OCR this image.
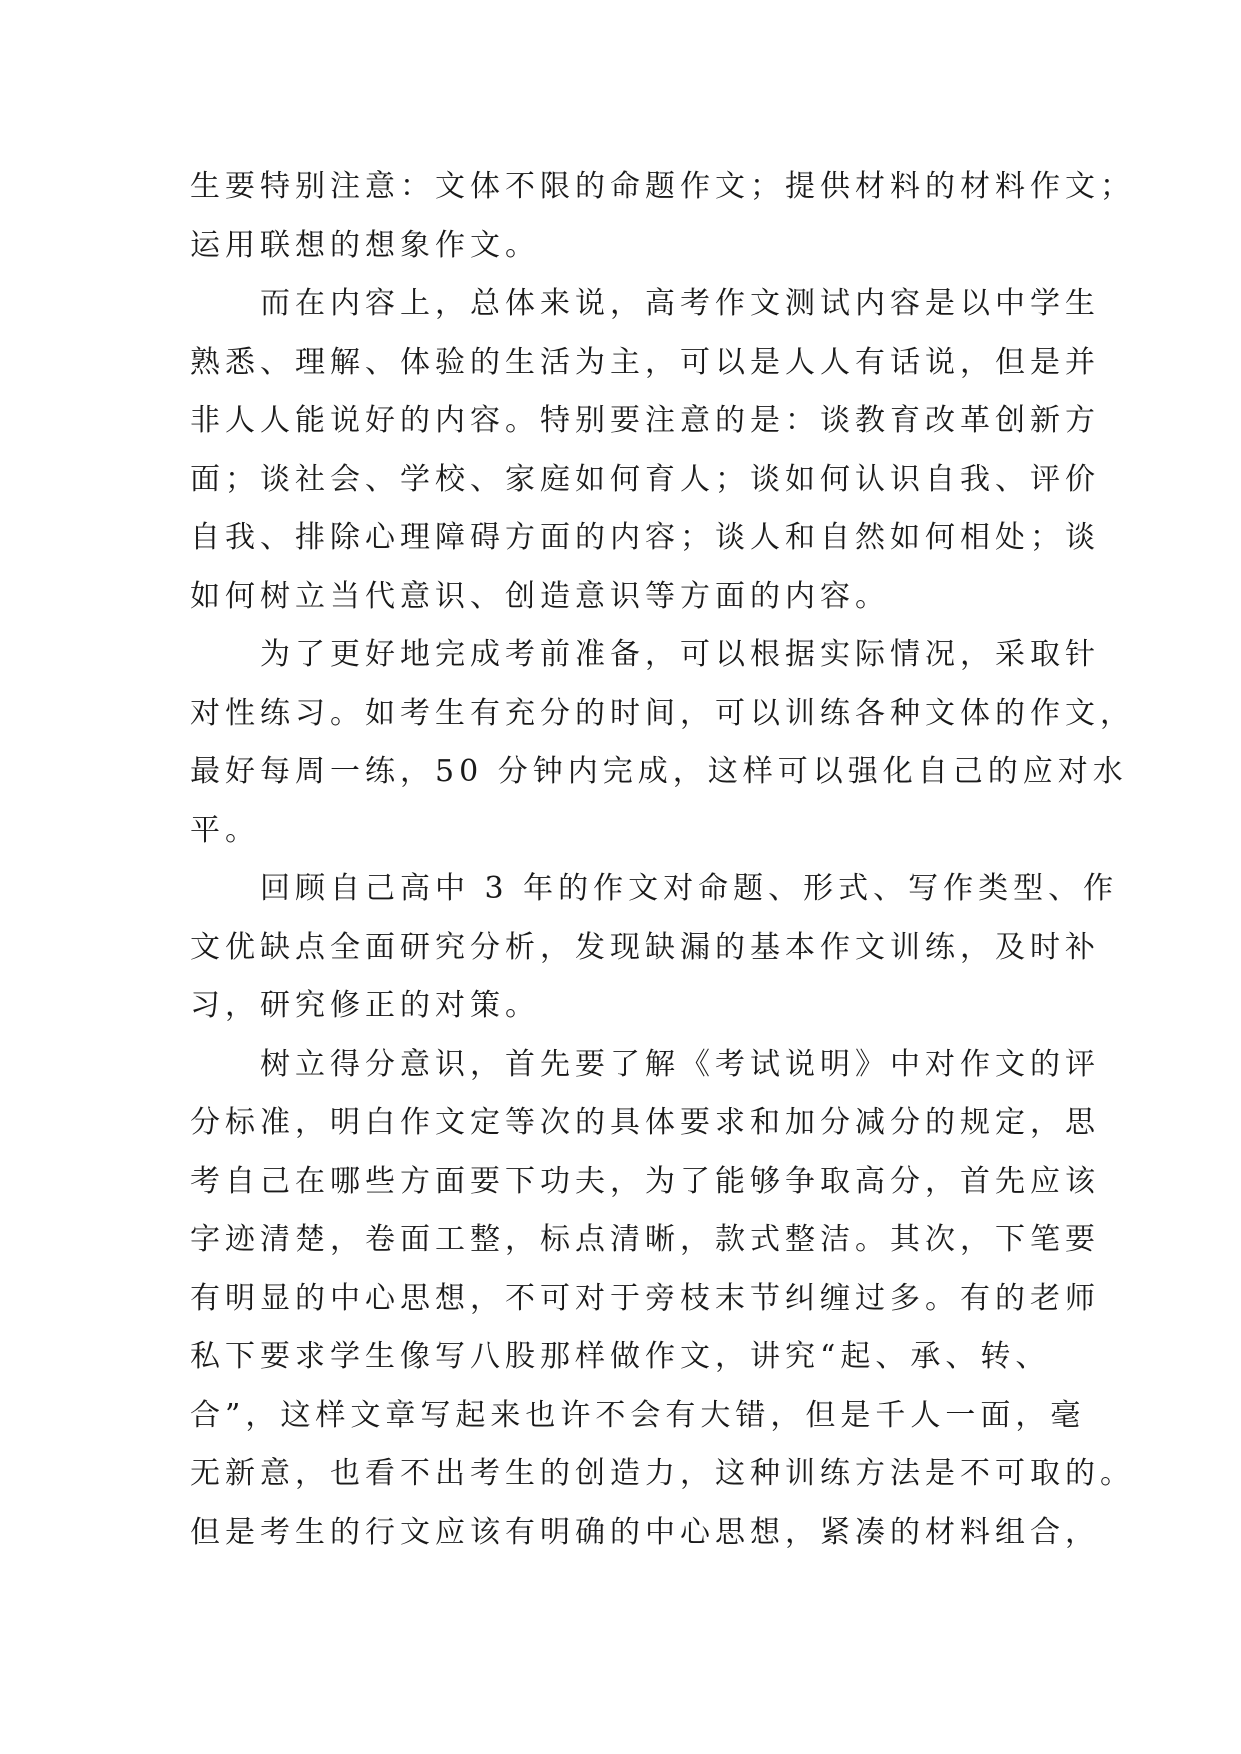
生要特别注意：文体不限的命题作文；提供材料的材料作文；
运用联想的想象作文。
而在内容上，总体来说，高考作文测试内容是以中学生
熟悉、理解、体验的生活为主，可以是人人有话说，但是并
非人人能说好的内容。特别要注意的是：谈教育改革创新方
面；谈社会、学校、家庭如何育人；谈如何认识自我、评价
自我、排除心理障碍方面的内容；谈人和自然如何相处；谈
如何树立当代意识、创造意识等方面的内容。
为了更好地完成考前准备，可以根据实际情况，采取针
对性练习。如考生有充分的时间，可以训练各种文体的作文，
最好每周一练，50 分钟内完成，这样可以强化自己的应对水
平。
回顾自己高中 3 年的作文对命题、形式、写作类型、作
文优缺点全面研究分析，发现缺漏的基本作文训练，及时补
习，研究修正的对策。
树立得分意识，首先要了解《考试说明》中对作文的评
分标准，明白作文定等次的具体要求和加分减分的规定，思
考自己在哪些方面要下功夫，为了能够争取高分，首先应该
字迹清楚，卷面工整，标点清晰，款式整洁。其次，下笔要
有明显的中心思想，不可对于旁枝末节纠缠过多。有的老师
私下要求学生像写八股那样做作文，讲究“起、承、转、
合”，这样文章写起来也许不会有大错，但是千人一面，毫
无新意，也看不出考生的创造力，这种训练方法是不可取的。
但是考生的行文应该有明确的中心思想，紧凑的材料组合，
